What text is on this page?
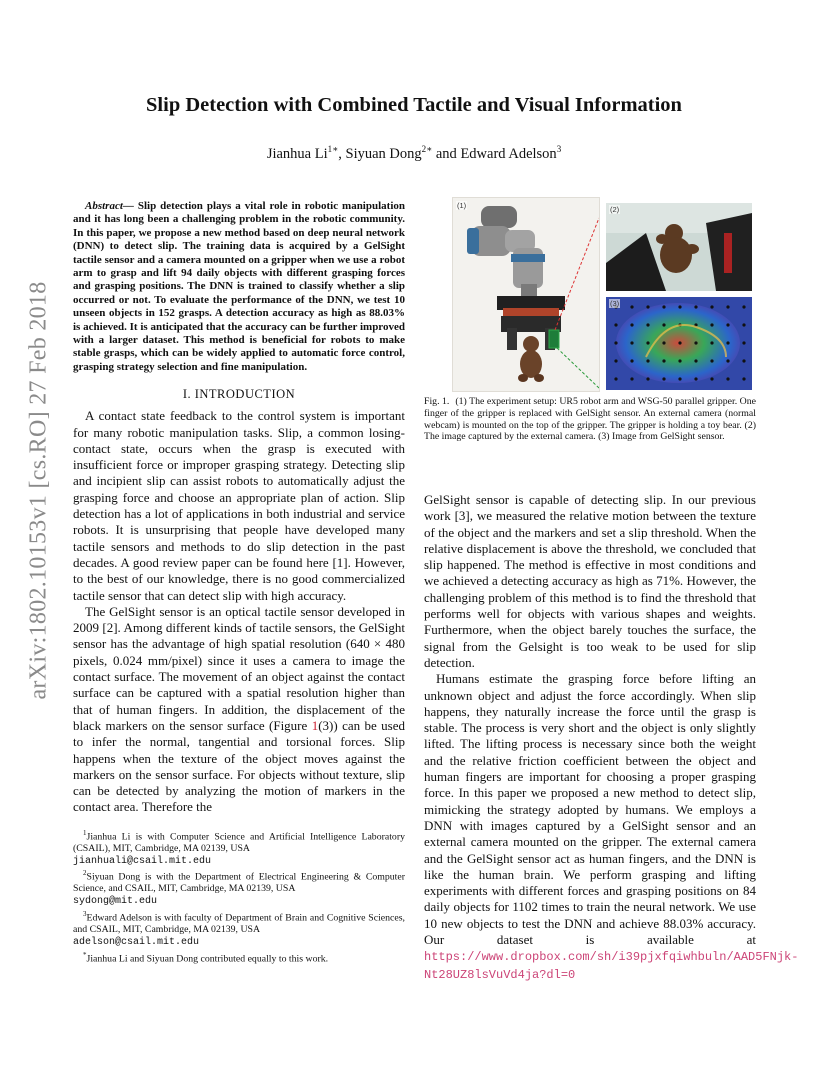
arXiv:1802.10153v1 [cs.RO] 27 Feb 2018
Slip Detection with Combined Tactile and Visual Information
Jianhua $Li^{1∗}$, Siyuan Dong$^{2∗}$ and Edward Adelson$^3$

Abstract— Slip detection plays a vital role in robotic manipulation and it has long been a challenging problem in the robotic community. In this paper, we propose a new method based on deep neural network (DNN) to detect slip. The training data is acquired by a GelSight tactile sensor and a camera mounted on a gripper when we use a robot arm to grasp and lift 94 daily objects with different grasping forces and grasping positions. The DNN is trained to classify whether a slip occurred or not. To evaluate the performance of the DNN, we test 10 unseen objects in 152 grasps. A detection accuracy as high as 88.03% is achieved. It is anticipated that the accuracy can be further improved with a larger dataset. This method is beneficial for robots to make stable grasps, which can be widely applied to automatic force control, grasping strategy selection and fine manipulation.

I. INTRODUCTION

A contact state feedback to the control system is important for many robotic manipulation tasks. Slip, a common losing-contact state, occurs when the grasp is executed with insufficient force or improper grasping strategy. Detecting slip and incipient slip can assist robots to automatically adjust the grasping force and choose an appropriate plan of action. Slip detection has a lot of applications in both industrial and service robots. It is unsurprising that people have developed many tactile sensors and methods to do slip detection in the past decades. A good review paper can be found here [1]. However, to the best of our knowledge, there is no good commercialized tactile sensor that can detect slip with high accuracy.

The GelSight sensor is an optical tactile sensor developed in 2009 [2]. Among different kinds of tactile sensors, the GelSight sensor has the advantage of high spatial resolution (640 × 480 pixels, 0.024 mm/pixel) since it uses a camera to image the contact surface. The movement of an object against the contact surface can be captured with a spatial resolution higher than that of human fingers. In addition, the displacement of the black markers on the sensor surface (Figure 1(3)) can be used to infer the normal, tangential and torsional forces. Slip happens when the texture of the object moves against the markers on the sensor surface. For objects without texture, slip can be detected by analyzing the motion of markers in the contact area. Therefore the

$^1$Jianhua Li is with Computer Science and Artificial Intelligence Laboratory (CSAIL), MIT, Cambridge, MA 02139, USA
jianhuali@csail.mit.edu

$^2$Siyuan Dong is with the Department of Electrical Engineering & Computer Science, and CSAIL, MIT, Cambridge, MA 02139, USA
sydong@mit.edu

$^3$Edward Adelson is with faculty of Department of Brain and Cognitive Sciences, and CSAIL, MIT, Cambridge, MA 02139, USA
adelson@csail.mit.edu

*Jianhua Li and Siyuan Dong contributed equally to this work.

(1)	(2)
(3)

Fig. 1. (1) The experiment setup: UR5 robot arm and WSG-50 parallel gripper. One finger of the gripper is replaced with GelSight sensor. An external camera (normal webcam) is mounted on the top of the gripper. The gripper is holding a toy bear. (2) The image captured by the external camera. (3) Image from GelSight sensor.

GelSight sensor is capable of detecting slip. In our previous work [3], we measured the relative motion between the texture of the object and the markers and set a slip threshold. When the relative displacement is above the threshold, we concluded that slip happened. The method is effective in most conditions and we achieved a detecting accuracy as high as 71%. However, the challenging problem of this method is to find the threshold that performs well for objects with various shapes and weights. Furthermore, when the object barely touches the surface, the signal from the Gelsight is too weak to be used for slip detection.

Humans estimate the grasping force before lifting an unknown object and adjust the force accordingly. When slip happens, they naturally increase the force until the grasp is stable. The process is very short and the object is only slightly lifted. The lifting process is necessary since both the weight and the relative friction coefficient between the object and human fingers are important for choosing a proper grasping force. In this paper we proposed a new method to detect slip, mimicking the strategy adopted by humans. We employs a DNN with images captured by a GelSight sensor and an external camera mounted on the gripper. The external camera and the GelSight sensor act as human fingers, and the DNN is like the human brain. We perform grasping and lifting experiments with different forces and grasping positions on 84 daily objects for 1102 times to train the neural network. We use 10 new objects to test the DNN and achieve 88.03% accuracy. Our dataset is available at https://www.dropbox.com/sh/i39pjxfqiwhbuln/AAD5FNjk-Nt28UZ8lsVuVd4ja?dl=0
